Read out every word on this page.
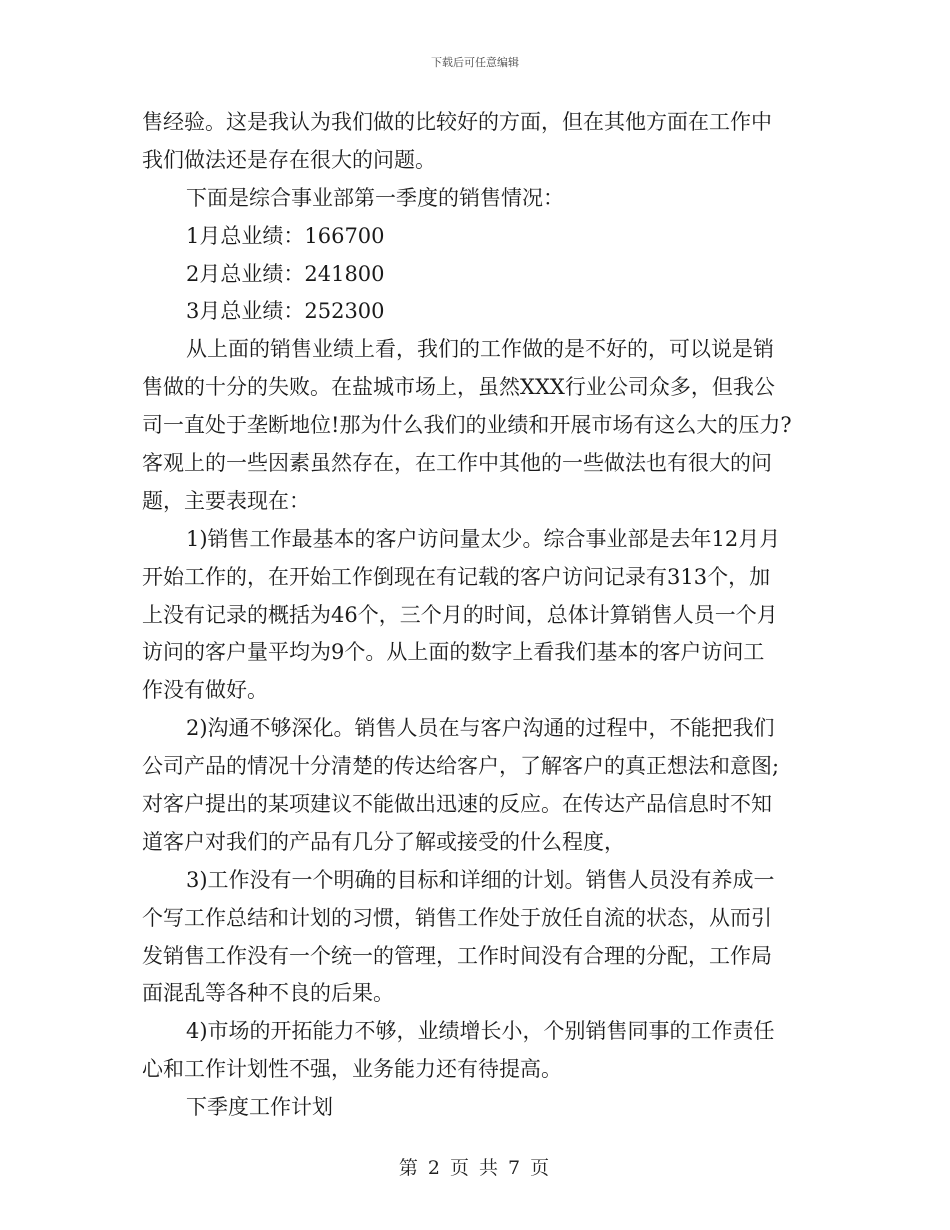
下载后可任意编辑
售经验。这是我认为我们做的比较好的方面，但在其他方面在工作中
我们做法还是存在很大的问题。
下面是综合事业部第一季度的销售情况：
1月总业绩：166700
2月总业绩：241800
3月总业绩：252300
从上面的销售业绩上看，我们的工作做的是不好的，可以说是销
售做的十分的失败。在盐城市场上，虽然XXX行业公司众多，但我公
司一直处于垄断地位!那为什么我们的业绩和开展市场有这么大的压力?
客观上的一些因素虽然存在，在工作中其他的一些做法也有很大的问
题，主要表现在：
1)销售工作最基本的客户访问量太少。综合事业部是去年12月月
开始工作的，在开始工作倒现在有记载的客户访问记录有313个，加
上没有记录的概括为46个，三个月的时间，总体计算销售人员一个月
访问的客户量平均为9个。从上面的数字上看我们基本的客户访问工
作没有做好。
2)沟通不够深化。销售人员在与客户沟通的过程中，不能把我们
公司产品的情况十分清楚的传达给客户，了解客户的真正想法和意图;
对客户提出的某项建议不能做出迅速的反应。在传达产品信息时不知
道客户对我们的产品有几分了解或接受的什么程度，
3)工作没有一个明确的目标和详细的计划。销售人员没有养成一
个写工作总结和计划的习惯，销售工作处于放任自流的状态，从而引
发销售工作没有一个统一的管理，工作时间没有合理的分配，工作局
面混乱等各种不良的后果。
4)市场的开拓能力不够，业绩增长小，个别销售同事的工作责任
心和工作计划性不强，业务能力还有待提高。
下季度工作计划
第 2 页 共 7 页
